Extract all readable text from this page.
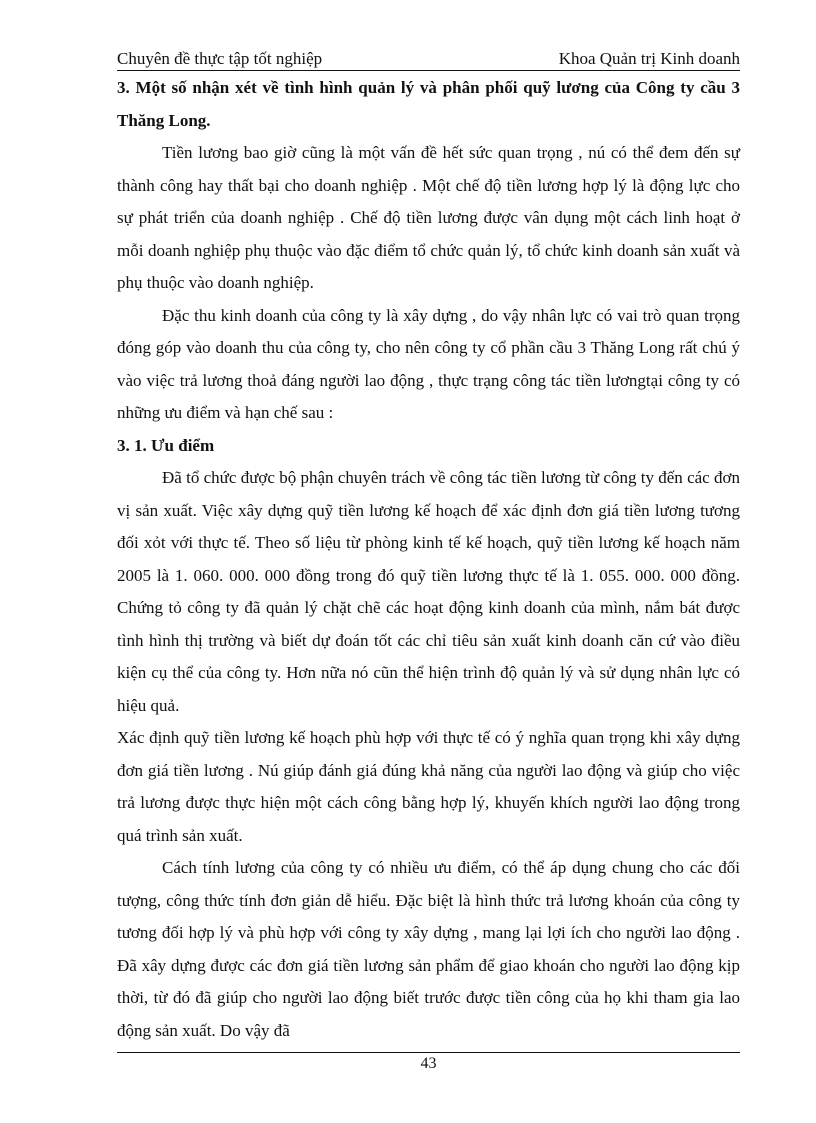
Chuyên đề thực tập tốt nghiệp	Khoa Quản trị Kinh doanh

3. Một số nhận xét về tình hình quản lý và phân phối quỹ lương của Công ty cầu 3 Thăng Long.

Tiền lương bao giờ cũng là một vấn đề hết sức quan trọng , nú có thể đem đến sự thành công hay thất bại cho doanh nghiệp . Một chế độ tiền lương hợp lý là động lực cho sự phát triển của doanh nghiệp . Chế độ tiền lương được vân dụng một cách linh hoạt ở mỗi doanh nghiệp phụ thuộc vào đặc điểm tổ chức quản lý, tổ chức kinh doanh sản xuất và phụ thuộc vào doanh nghiệp.

Đặc thu kinh doanh của công ty là xây dựng , do vậy nhân lực có vai trò quan trọng đóng góp vào doanh thu của công ty, cho nên công ty cổ phần cầu 3 Thăng Long rất chú ý vào việc trả lương thoả đáng người lao động , thực trạng công tác tiền lươngtại công ty có những ưu điểm và hạn chế sau :

3. 1. Ưu điểm

Đã tổ chức được bộ phận chuyên trách về công tác tiền lương từ công ty đến các đơn vị sản xuất. Việc xây dựng quỹ tiền lương kế hoạch để xác định đơn giá tiền lương tương đối xỏt với thực tế. Theo số liệu từ phòng kinh tế kế hoạch, quỹ tiền lương kế hoạch năm 2005 là 1. 060. 000. 000 đồng trong đó quỹ tiền lương thực tế là 1. 055. 000. 000 đồng. Chứng tỏ công ty đã quản lý chặt chẽ các hoạt động kinh doanh của mình, nắm bát được tình hình thị trường và biết dự đoán tốt các chỉ tiêu sản xuất kinh doanh căn cứ vào điều kiện cụ thể của công ty. Hơn nữa nó cũn thể hiện trình độ quản lý và sử dụng nhân lực có hiệu quả.

Xác định quỹ tiền lương kế hoạch phù hợp với thực tế có ý nghĩa quan trọng khi xây dựng đơn giá tiền lương . Nú giúp đánh giá đúng khả năng của người lao động và giúp cho việc trả lương được thực hiện một cách công bằng hợp lý, khuyến khích người lao động trong quá trình sản xuất.

Cách tính lương của công ty có nhiều ưu điểm, có thể áp dụng chung cho các đối tượng, công thức tính đơn giản dễ hiểu. Đặc biệt là hình thức trả lương khoán của công ty tương đối hợp lý và phù hợp với công ty xây dựng , mang lại lợi ích cho người lao động . Đã xây dựng được các đơn giá tiền lương sản phẩm để giao khoán cho người lao động kịp thời, từ đó đã giúp cho người lao động biết trước được tiền công của họ khi tham gia lao động sản xuất. Do vậy đã

43
